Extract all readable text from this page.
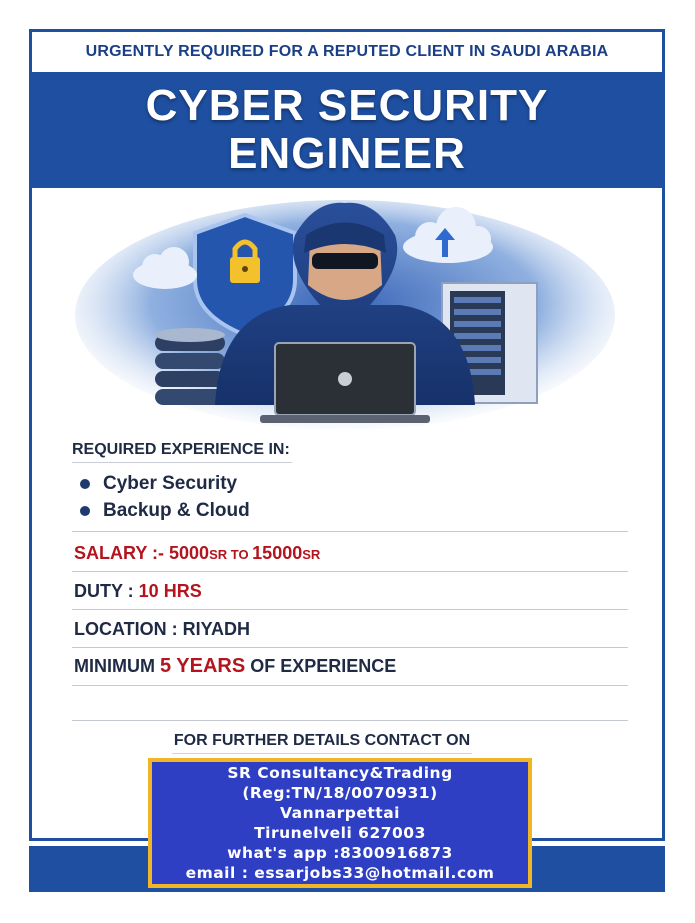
URGENTLY REQUIRED FOR A REPUTED CLIENT IN SAUDI ARABIA
CYBER SECURITY
ENGINEER
REQUIRED EXPERIENCE IN:
Cyber Security
Backup & Cloud
SALARY :- 5000SR TO 15000SR
DUTY : 10 HRS
LOCATION : RIYADH
MINIMUM 5 YEARS OF EXPERIENCE
FOR FURTHER DETAILS CONTACT ON
SR Consultancy&Trading
(Reg:TN/18/0070931)
Vannarpettai
Tirunelveli 627003
what's app :8300916873
email : essarjobs33@hotmail.com
